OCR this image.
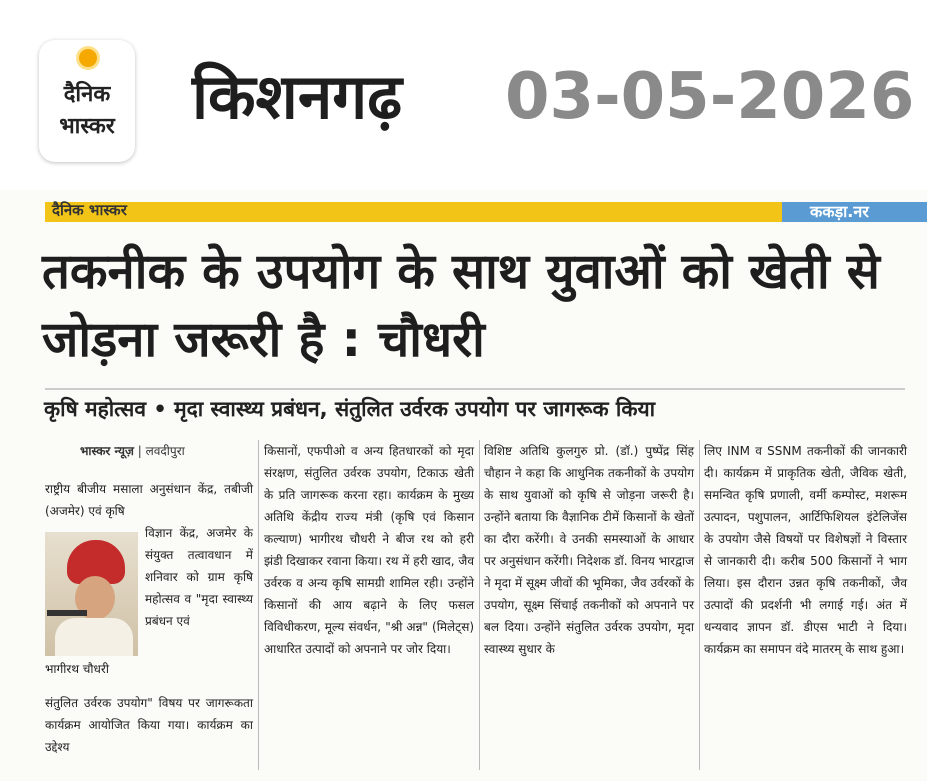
दैनिक
भास्कर	किशनगढ़ 03-05-2026
दैनिक भास्कर	ककड़ा.नर
तकनीक के उपयोग के साथ युवाओं को खेती से जोड़ना जरूरी है : चौधरी
कृषि महोत्सव • मृदा स्वास्थ्य प्रबंधन, संतुलित उर्वरक उपयोग पर जागरूक किया
भास्कर न्यूज़ | लवदीपुरा
राष्ट्रीय बीजीय मसाला अनुसंधान केंद्र, तबीजी (अजमेर) एवं कृषि
विज्ञान केंद्र, अजमेर के संयुक्त तत्वावधान में शनिवार को ग्राम कृषि महोत्सव व "मृदा स्वास्थ्य प्रबंधन एवं
भागीरथ चौधरी
संतुलित उर्वरक उपयोग" विषय पर जागरूकता कार्यक्रम आयोजित किया गया। कार्यक्रम का उद्देश्य
किसानों, एफपीओ व अन्य हितधारकों को मृदा संरक्षण, संतुलित उर्वरक उपयोग, टिकाऊ खेती के प्रति जागरूक करना रहा। कार्यक्रम के मुख्य अतिथि केंद्रीय राज्य मंत्री (कृषि एवं किसान कल्याण) भागीरथ चौधरी ने बीज रथ को हरी झंडी दिखाकर रवाना किया। रथ में हरी खाद, जैव उर्वरक व अन्य कृषि सामग्री शामिल रही। उन्होंने किसानों की आय बढ़ाने के लिए फसल विविधीकरण, मूल्य संवर्धन, "श्री अन्न" (मिलेट्स) आधारित उत्पादों को अपनाने पर जोर दिया।
विशिष्ट अतिथि कुलगुरु प्रो. (डॉ.) पुष्पेंद्र सिंह चौहान ने कहा कि आधुनिक तकनीकों के उपयोग के साथ युवाओं को कृषि से जोड़ना जरूरी है। उन्होंने बताया कि वैज्ञानिक टीमें किसानों के खेतों का दौरा करेंगी। वे उनकी समस्याओं के आधार पर अनुसंधान करेंगी। निदेशक डॉ. विनय भारद्वाज ने मृदा में सूक्ष्म जीवों की भूमिका, जैव उर्वरकों के उपयोग, सूक्ष्म सिंचाई तकनीकों को अपनाने पर बल दिया। उन्होंने संतुलित उर्वरक उपयोग, मृदा स्वास्थ्य सुधार के
लिए INM व SSNM तकनीकों की जानकारी दी। कार्यक्रम में प्राकृतिक खेती, जैविक खेती, समन्वित कृषि प्रणाली, वर्मी कम्पोस्ट, मशरूम उत्पादन, पशुपालन, आर्टिफिशियल इंटेलिजेंस के उपयोग जैसे विषयों पर विशेषज्ञों ने विस्तार से जानकारी दी। करीब 500 किसानों ने भाग लिया। इस दौरान उन्नत कृषि तकनीकों, जैव उत्पादों की प्रदर्शनी भी लगाई गई। अंत में धन्यवाद ज्ञापन डॉ. डीएस भाटी ने दिया। कार्यक्रम का समापन वंदे मातरम् के साथ हुआ।
